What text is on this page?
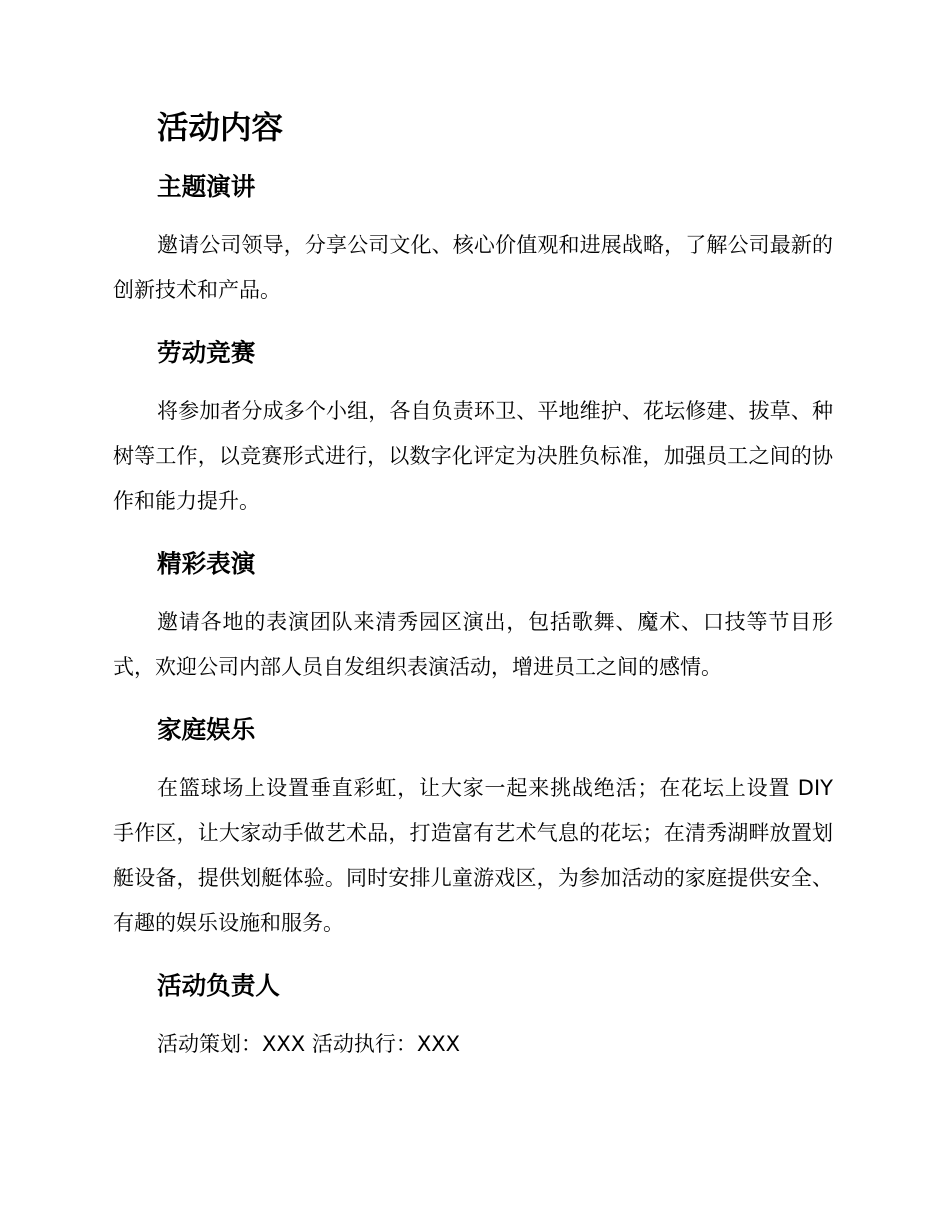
活动内容
主题演讲

邀请公司领导，分享公司文化、核心价值观和进展战略，了解公司最新的创新技术和产品。

劳动竞赛

将参加者分成多个小组，各自负责环卫、平地维护、花坛修建、拔草、种树等工作，以竞赛形式进行，以数字化评定为决胜负标准，加强员工之间的协作和能力提升。

精彩表演

邀请各地的表演团队来清秀园区演出，包括歌舞、魔术、口技等节目形式，欢迎公司内部人员自发组织表演活动，增进员工之间的感情。

家庭娱乐

在篮球场上设置垂直彩虹，让大家一起来挑战绝活；在花坛上设置 DIY 手作区，让大家动手做艺术品，打造富有艺术气息的花坛；在清秀湖畔放置划艇设备，提供划艇体验。同时安排儿童游戏区，为参加活动的家庭提供安全、有趣的娱乐设施和服务。

活动负责人

活动策划：XXX 活动执行：XXX
